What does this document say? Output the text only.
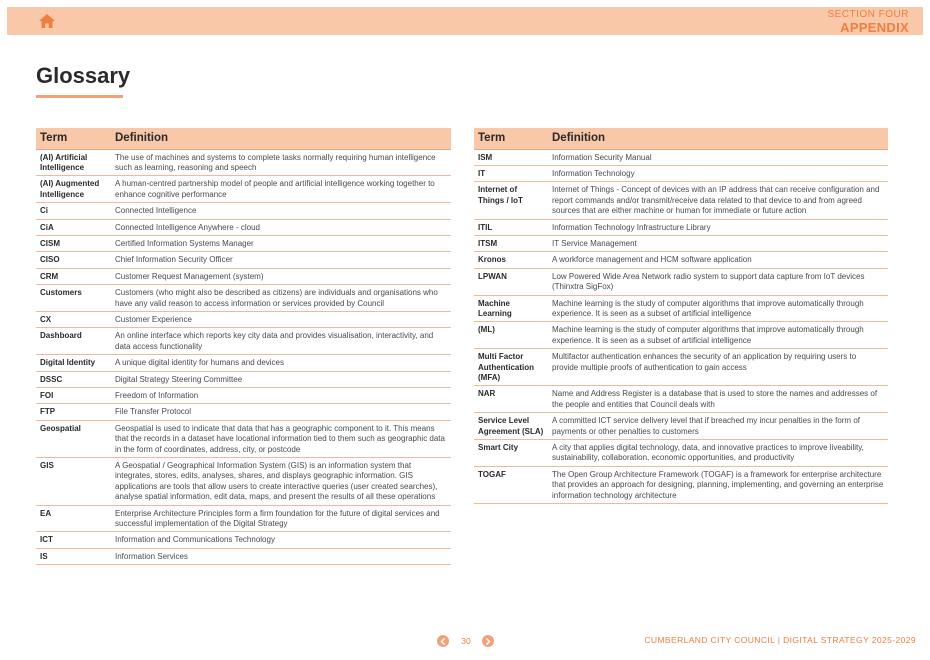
SECTION FOUR
APPENDIX
Glossary
Term	Definition
(AI) Artificial Intelligence	The use of machines and systems to complete tasks normally requiring human intelligence such as learning, reasoning and speech
(AI) Augmented Intelligence	A human-centred partnership model of people and artificial intelligence working together to enhance cognitive performance
Ci	Connected Intelligence
CiA	Connected Intelligence Anywhere - cloud
CISM	Certified Information Systems Manager
CISO	Chief Information Security Officer
CRM	Customer Request Management (system)
Customers	Customers (who might also be described as citizens) are individuals and organisations who have any valid reason to access information or services provided by Council
CX	Customer Experience
Dashboard	An online interface which reports key city data and provides visualisation, interactivity, and data access functionality
Digital Identity	A unique digital identity for humans and devices
DSSC	Digital Strategy Steering Committee
FOI	Freedom of Information
FTP	File Transfer Protocol
Geospatial	Geospatial is used to indicate that data that has a geographic component to it. This means that the records in a dataset have locational information tied to them such as geographic data in the form of coordinates, address, city, or postcode
GIS	A Geospatial / Geographical Information System (GIS) is an information system that integrates, stores, edits, analyses, shares, and displays geographic information. GIS applications are tools that allow users to create interactive queries (user created searches), analyse spatial information, edit data, maps, and present the results of all these operations
EA	Enterprise Architecture Principles form a firm foundation for the future of digital services and successful implementation of the Digital Strategy
ICT	Information and Communications Technology
IS	Information Services
Term	Definition
ISM	Information Security Manual
IT	Information Technology
Internet of Things / IoT	Internet of Things - Concept of devices with an IP address that can receive configuration and report commands and/or transmit/receive data related to that device to and from agreed sources that are either machine or human for immediate or future action
ITIL	Information Technology Infrastructure Library
ITSM	IT Service Management
Kronos	A workforce management and HCM software application
LPWAN	Low Powered Wide Area Network radio system to support data capture from IoT devices (Thinxtra SigFox)
Machine Learning	Machine learning is the study of computer algorithms that improve automatically through experience. It is seen as a subset of artificial intelligence
(ML)	Machine learning is the study of computer algorithms that improve automatically through experience. It is seen as a subset of artificial intelligence
Multi Factor Authentication (MFA)	Multifactor authentication enhances the security of an application by requiring users to provide multiple proofs of authentication to gain access
NAR	Name and Address Register is a database that is used to store the names and addresses of the people and entities that Council deals with
Service Level Agreement (SLA)	A committed ICT service delivery level that if breached my incur penalties in the form of payments or other penalties to customers
Smart City	A city that applies digital technology, data, and innovative practices to improve liveability, sustainability, collaboration, economic opportunities, and productivity
TOGAF	The Open Group Architecture Framework (TOGAF) is a framework for enterprise architecture that provides an approach for designing, planning, implementing, and governing an enterprise information technology architecture
30	CUMBERLAND CITY COUNCIL | DIGITAL STRATEGY 2025-2029
